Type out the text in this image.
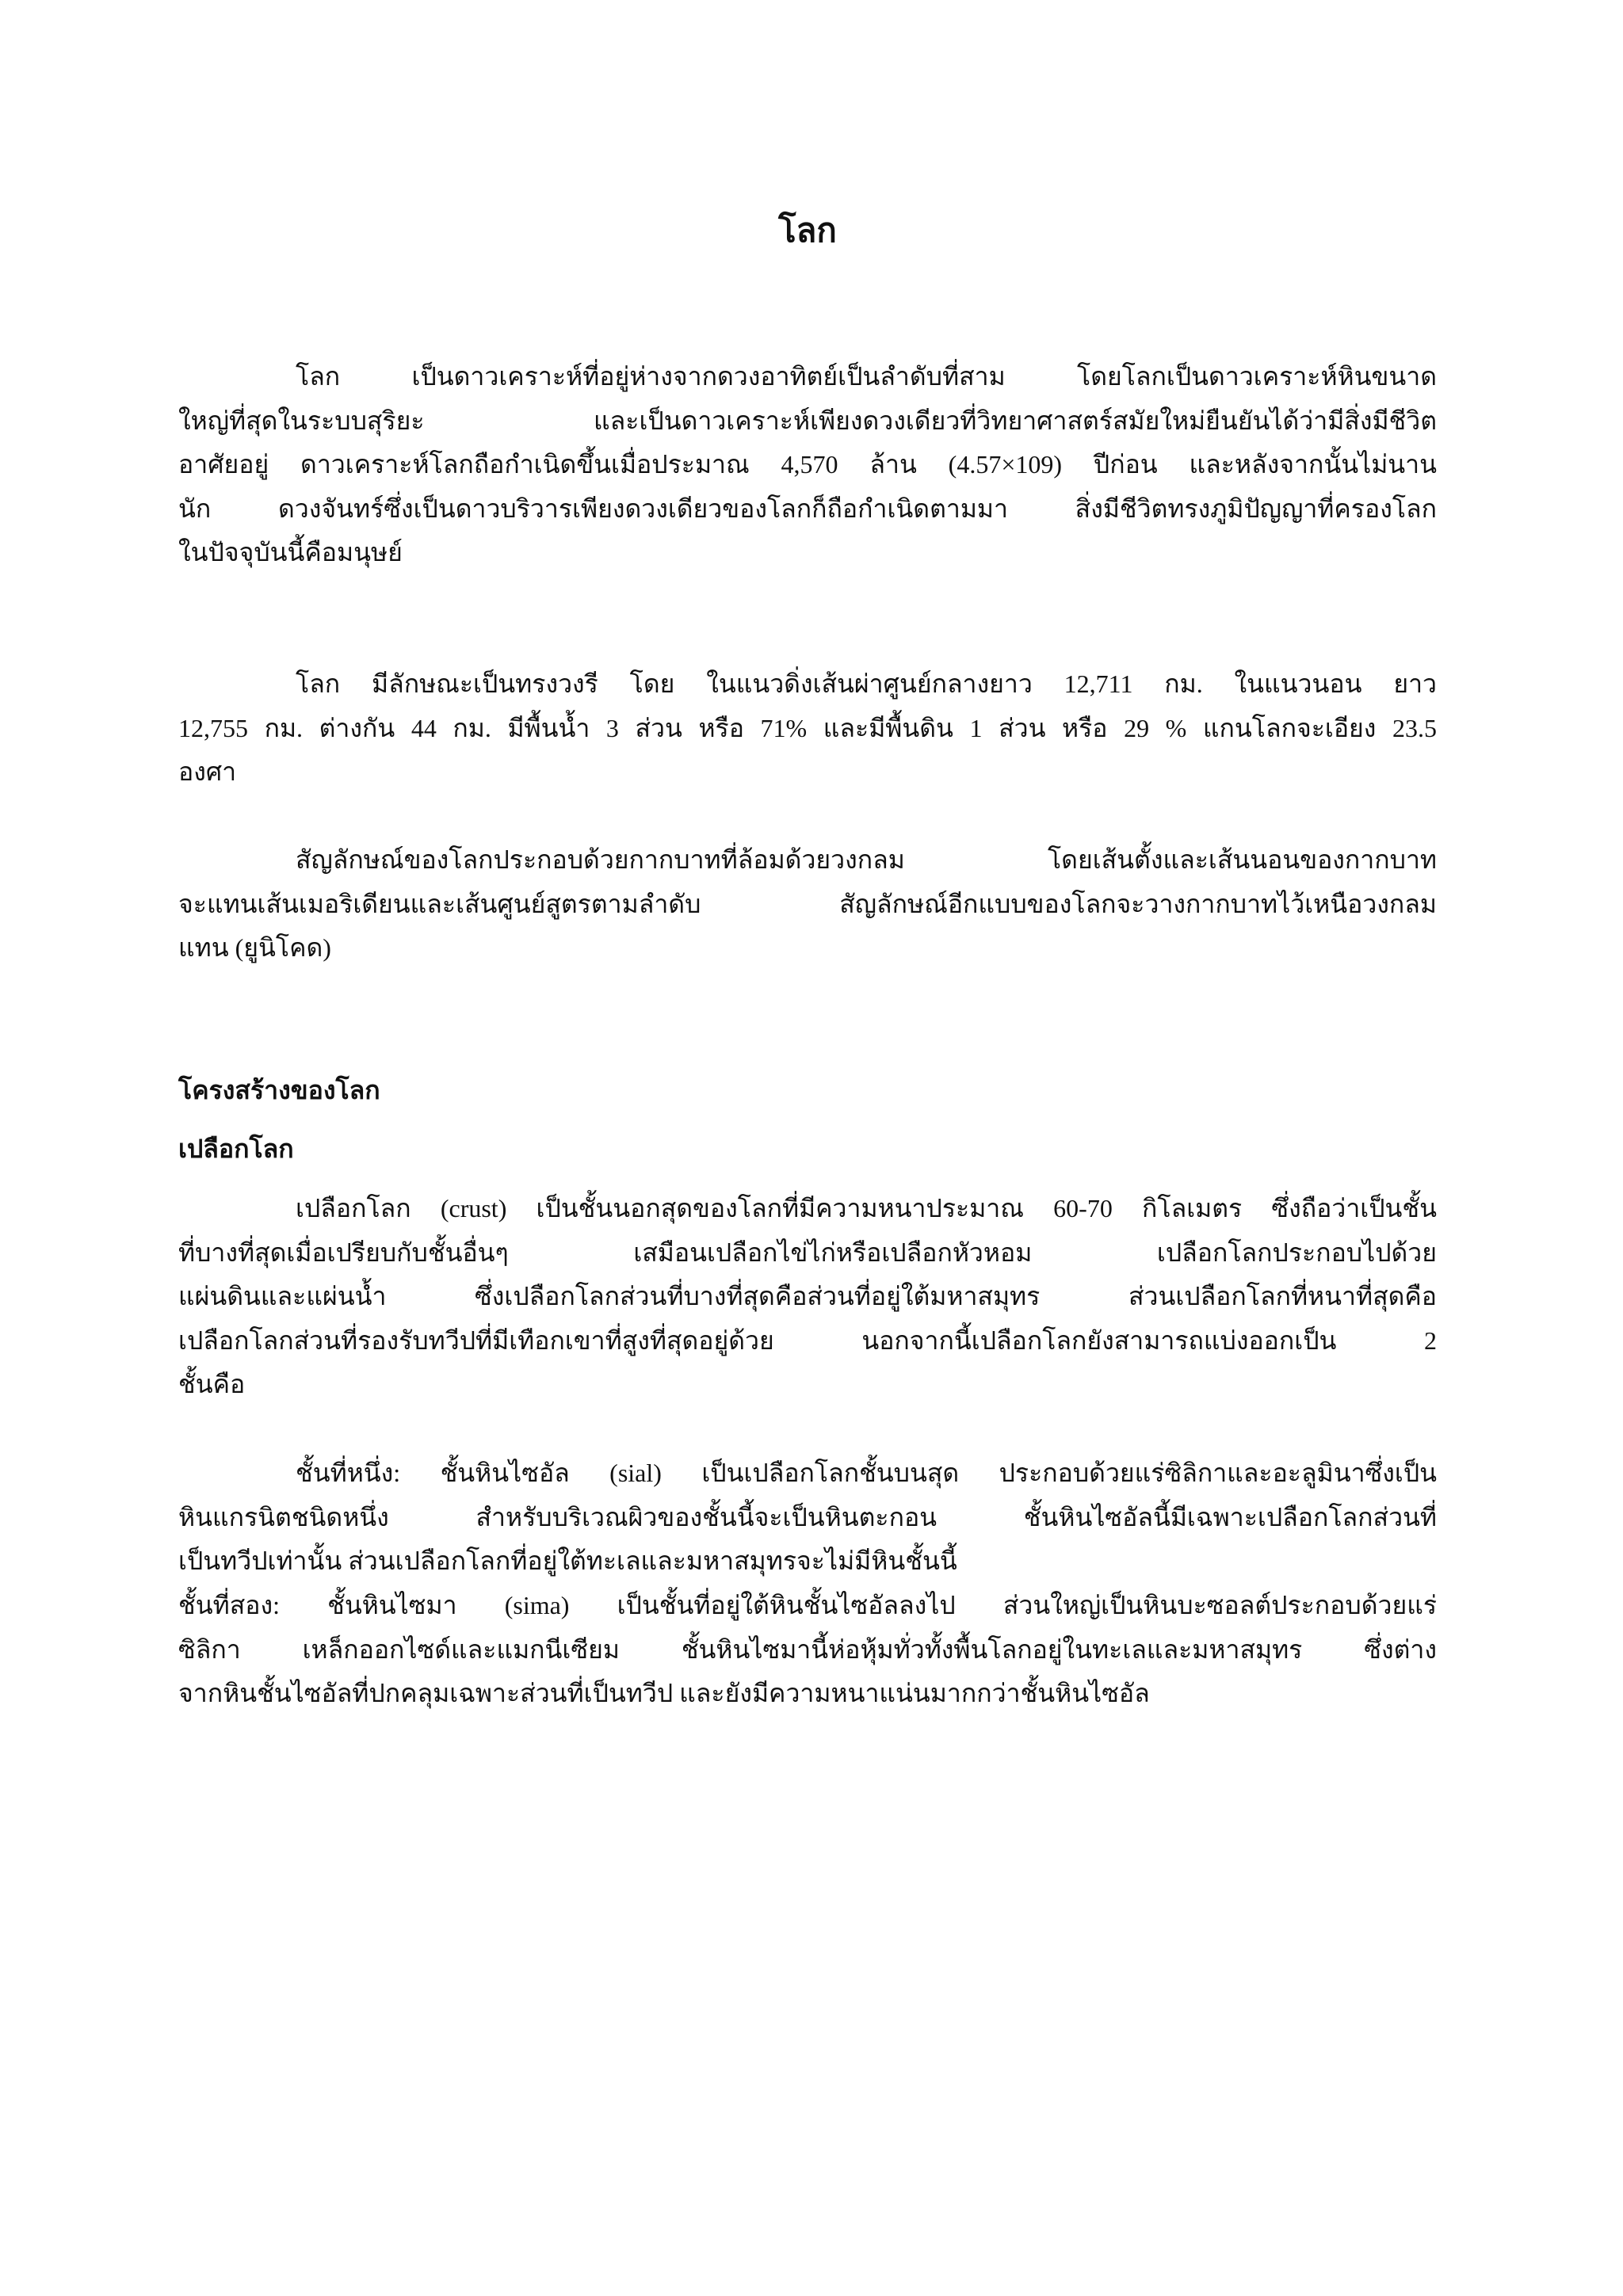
โลก

โลก เป็นดาวเคราะห์ที่อยู่ห่างจากดวงอาทิตย์เป็นลำดับที่สาม โดยโลกเป็นดาวเคราะห์หินขนาด
ใหญ่ที่สุดในระบบสุริยะ และเป็นดาวเคราะห์เพียงดวงเดียวที่วิทยาศาสตร์สมัยใหม่ยืนยันได้ว่ามีสิ่งมีชีวิต
อาศัยอยู่ ดาวเคราะห์โลกถือกำเนิดขึ้นเมื่อประมาณ 4,570 ล้าน (4.57×109) ปีก่อน และหลังจากนั้นไม่นาน
นัก ดวงจันทร์ซึ่งเป็นดาวบริวารเพียงดวงเดียวของโลกก็ถือกำเนิดตามมา สิ่งมีชีวิตทรงภูมิปัญญาที่ครองโลก
ในปัจจุบันนี้คือมนุษย์

โลก มีลักษณะเป็นทรงวงรี โดย ในแนวดิ่งเส้นผ่าศูนย์กลางยาว 12,711 กม. ในแนวนอน ยาว
12,755 กม. ต่างกัน 44 กม. มีพื้นน้ำ 3 ส่วน หรือ 71% และมีพื้นดิน 1 ส่วน หรือ 29 % แกนโลกจะเอียง 23.5
องศา

สัญลักษณ์ของโลกประกอบด้วยกากบาทที่ล้อมด้วยวงกลม โดยเส้นตั้งและเส้นนอนของกากบาท
จะแทนเส้นเมอริเดียนและเส้นศูนย์สูตรตามลำดับ สัญลักษณ์อีกแบบของโลกจะวางกากบาทไว้เหนือวงกลม
แทน (ยูนิโคด)

โครงสร้างของโลก
เปลือกโลก

เปลือกโลก (crust) เป็นชั้นนอกสุดของโลกที่มีความหนาประมาณ 60-70 กิโลเมตร ซึ่งถือว่าเป็นชั้น
ที่บางที่สุดเมื่อเปรียบกับชั้นอื่นๆ เสมือนเปลือกไข่ไก่หรือเปลือกหัวหอม เปลือกโลกประกอบไปด้วย
แผ่นดินและแผ่นน้ำ ซึ่งเปลือกโลกส่วนที่บางที่สุดคือส่วนที่อยู่ใต้มหาสมุทร ส่วนเปลือกโลกที่หนาที่สุดคือ
เปลือกโลกส่วนที่รองรับทวีปที่มีเทือกเขาที่สูงที่สุดอยู่ด้วย นอกจากนี้เปลือกโลกยังสามารถแบ่งออกเป็น 2
ชั้นคือ

ชั้นที่หนึ่ง: ชั้นหินไซอัล (sial) เป็นเปลือกโลกชั้นบนสุด ประกอบด้วยแร่ซิลิกาและอะลูมินาซึ่งเป็น
หินแกรนิตชนิดหนึ่ง สำหรับบริเวณผิวของชั้นนี้จะเป็นหินตะกอน ชั้นหินไซอัลนี้มีเฉพาะเปลือกโลกส่วนที่
เป็นทวีปเท่านั้น ส่วนเปลือกโลกที่อยู่ใต้ทะเลและมหาสมุทรจะไม่มีหินชั้นนี้

ชั้นที่สอง: ชั้นหินไซมา (sima) เป็นชั้นที่อยู่ใต้หินชั้นไซอัลลงไป ส่วนใหญ่เป็นหินบะซอลต์ประกอบด้วยแร่
ซิลิกา เหล็กออกไซด์และแมกนีเซียม ชั้นหินไซมานี้ห่อหุ้มทั่วทั้งพื้นโลกอยู่ในทะเลและมหาสมุทร ซึ่งต่าง
จากหินชั้นไซอัลที่ปกคลุมเฉพาะส่วนที่เป็นทวีป และยังมีความหนาแน่นมากกว่าชั้นหินไซอัล
